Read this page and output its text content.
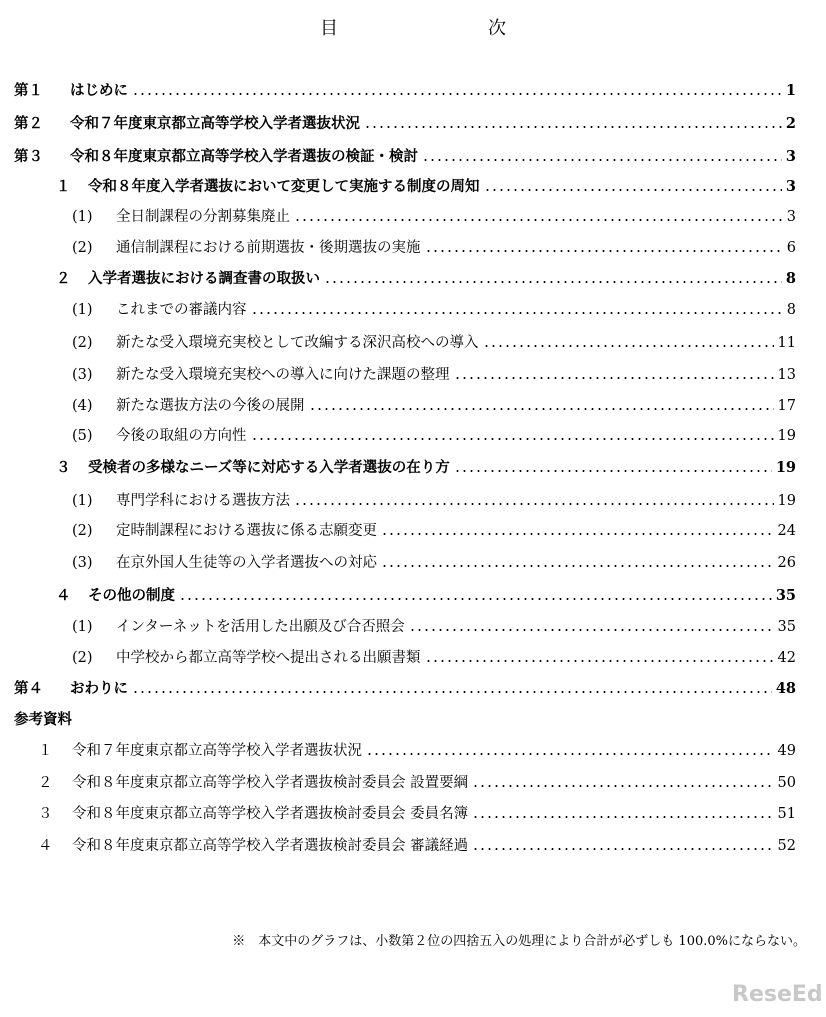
目　　次
第１	はじめに	1
第２	令和７年度東京都立高等学校入学者選抜状況	2
第３	令和８年度東京都立高等学校入学者選抜の検証・検討	3
１	令和８年度入学者選抜において変更して実施する制度の周知	3
(1)	全日制課程の分割募集廃止	3
(2)	通信制課程における前期選抜・後期選抜の実施	6
２	入学者選抜における調査書の取扱い	8
(1)	これまでの審議内容	8
(2)	新たな受入環境充実校として改編する深沢高校への導入	11
(3)	新たな受入環境充実校への導入に向けた課題の整理	13
(4)	新たな選抜方法の今後の展開	17
(5)	今後の取組の方向性	19
３	受検者の多様なニーズ等に対応する入学者選抜の在り方	19
(1)	専門学科における選抜方法	19
(2)	定時制課程における選抜に係る志願変更	24
(3)	在京外国人生徒等の入学者選抜への対応	26
４	その他の制度	35
(1)	インターネットを活用した出願及び合否照会	35
(2)	中学校から都立高等学校へ提出される出願書類	42
第４	おわりに	48
参考資料
１	令和７年度東京都立高等学校入学者選抜状況	49
２	令和８年度東京都立高等学校入学者選抜検討委員会 設置要綱	50
３	令和８年度東京都立高等学校入学者選抜検討委員会 委員名簿	51
４	令和８年度東京都立高等学校入学者選抜検討委員会 審議経過	52
※　本文中のグラフは、小数第２位の四捨五入の処理により合計が必ずしも 100.0%にならない。
ReseEd
